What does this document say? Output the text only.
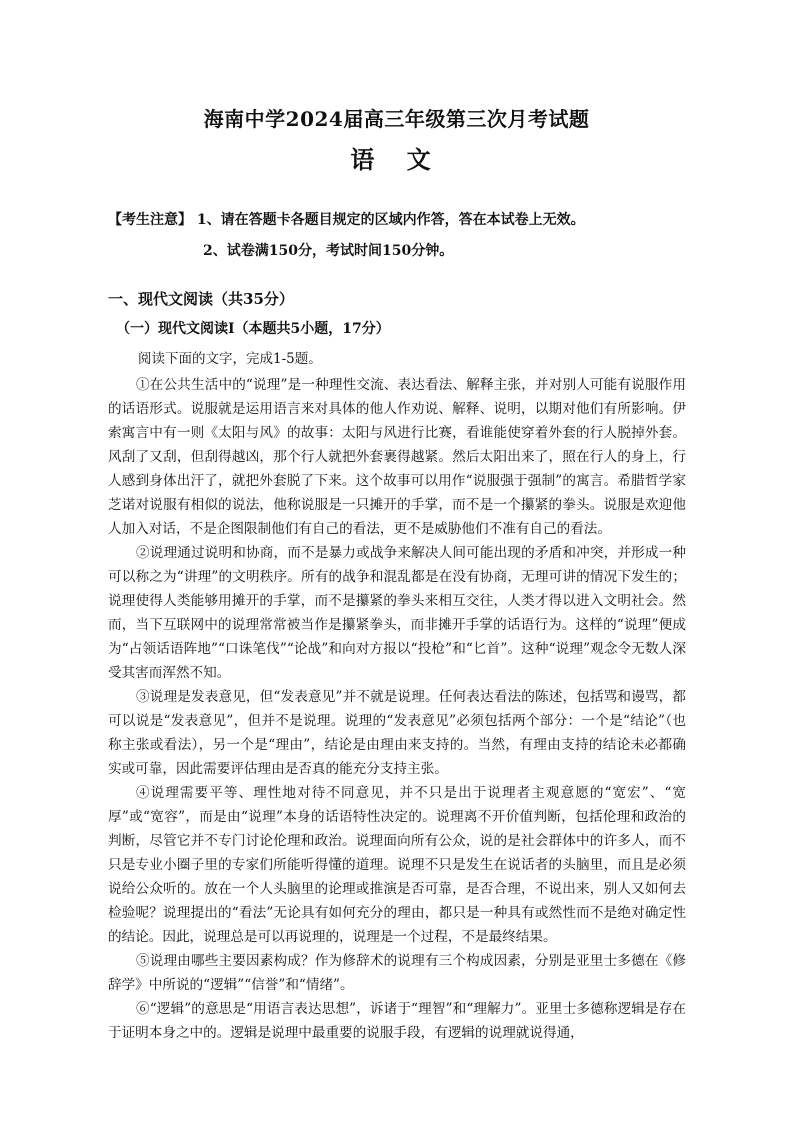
海南中学2024届高三年级第三次月考试题
语 文
【考生注意】 1、请在答题卡各题目规定的区域内作答，答在本试卷上无效。
2、试卷满150分，考试时间150分钟。
一、现代文阅读（共35分）
（一）现代文阅读I（本题共5小题，17分）
阅读下面的文字，完成1-5题。

①在公共生活中的“说理”是一种理性交流、表达看法、解释主张，并对别人可能有说服作用的话语形式。说服就是运用语言来对具体的他人作劝说、解释、说明，以期对他们有所影响。伊索寓言中有一则《太阳与风》的故事：太阳与风进行比赛，看谁能使穿着外套的行人脱掉外套。风刮了又刮，但刮得越凶，那个行人就把外套裹得越紧。然后太阳出来了，照在行人的身上，行人感到身体出汗了，就把外套脱了下来。这个故事可以用作“说服强于强制”的寓言。希腊哲学家芝诺对说服有相似的说法，他称说服是一只摊开的手掌，而不是一个攥紧的拳头。说服是欢迎他人加入对话，不是企图限制他们有自己的看法，更不是威胁他们不准有自己的看法。

②说理通过说明和协商，而不是暴力或战争来解决人间可能出现的矛盾和冲突，并形成一种可以称之为“讲理”的文明秩序。所有的战争和混乱都是在没有协商，无理可讲的情况下发生的；说理使得人类能够用摊开的手掌，而不是攥紧的拳头来相互交往，人类才得以进入文明社会。然而，当下互联网中的说理常常被当作是攥紧拳头，而非摊开手掌的话语行为。这样的“说理”便成为“占领话语阵地”“口诛笔伐”“论战”和向对方报以“投枪”和“匕首”。这种“说理”观念令无数人深受其害而浑然不知。

③说理是发表意见，但“发表意见”并不就是说理。任何表达看法的陈述，包括骂和谩骂，都可以说是“发表意见”，但并不是说理。说理的“发表意见”必须包括两个部分：一个是“结论”（也称主张或看法），另一个是“理由”，结论是由理由来支持的。当然，有理由支持的结论未必都确实或可靠，因此需要评估理由是否真的能充分支持主张。

④说理需要平等、理性地对待不同意见，并不只是出于说理者主观意愿的“宽宏”、“宽厚”或“宽容”，而是由“说理”本身的话语特性决定的。说理离不开价值判断，包括伦理和政治的判断，尽管它并不专门讨论伦理和政治。说理面向所有公众，说的是社会群体中的许多人，而不只是专业小圈子里的专家们所能听得懂的道理。说理不只是发生在说话者的头脑里，而且是必须说给公众听的。放在一个人头脑里的论理或推演是否可靠，是否合理，不说出来，别人又如何去检验呢？说理提出的“看法”无论具有如何充分的理由，都只是一种具有或然性而不是绝对确定性的结论。因此，说理总是可以再说理的，说理是一个过程，不是最终结果。

⑤说理由哪些主要因素构成？作为修辞术的说理有三个构成因素，分别是亚里士多德在《修辞学》中所说的“逻辑”“信誉”和“情绪”。

⑥“逻辑”的意思是“用语言表达思想”，诉诸于“理智”和“理解力”。亚里士多德称逻辑是存在于证明本身之中的。逻辑是说理中最重要的说服手段，有逻辑的说理就说得通，
